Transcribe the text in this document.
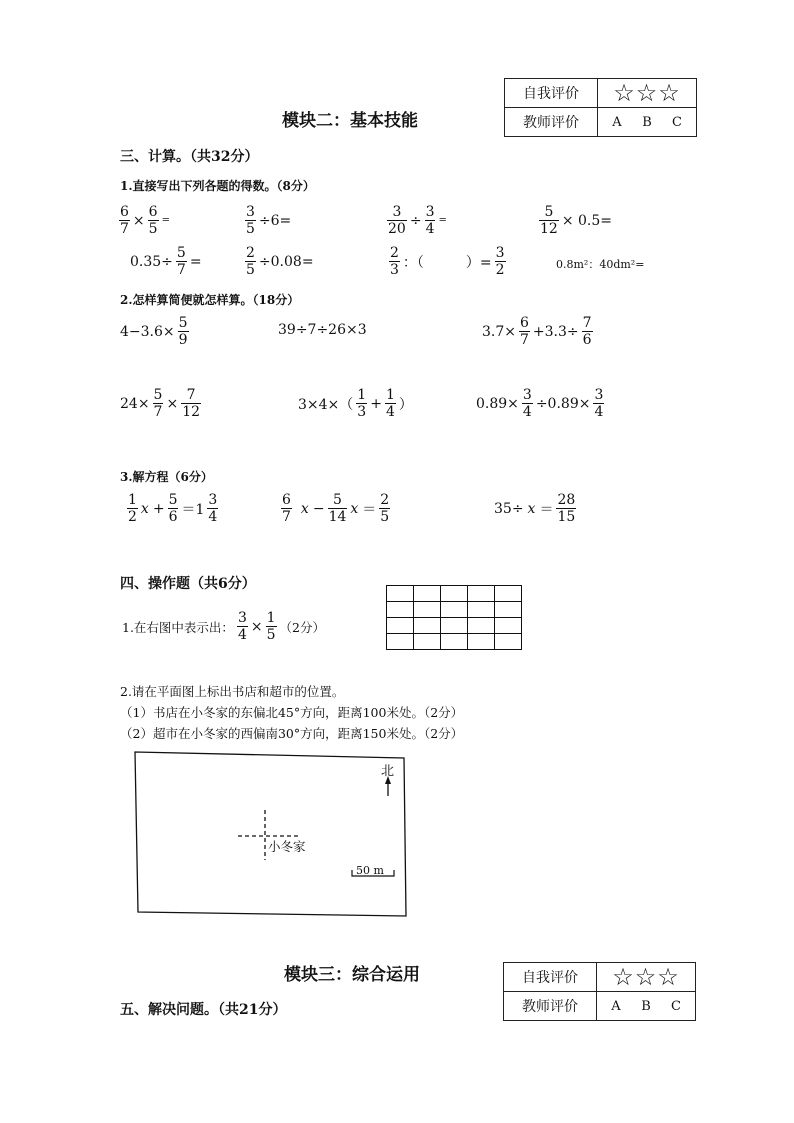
模块二：基本技能
自我评价	☆☆☆
教师评价	A B C
三、计算。（共32分）
1.直接写出下列各题的得数。（8分）
$\frac{6}{7} \times \frac{6}{5}$ =	$\frac{3}{5} \div 6=$	$\frac{3}{20} \div \frac{3}{4}$ =	$\frac{5}{12} \times 0.5=$
$0.35\div \frac{5}{7}$ =	$\frac{2}{5} \div 0.08=$	$\frac{2}{3}$ ：（　　　）= $\frac{3}{2}$	0.8m²：40dm²=
2.怎样算简便就怎样算。（18分）
$4-3.6\times \frac{5}{9}$	39÷7÷26×3	$3.7\times \frac{6}{7} +3.3\div \frac{7}{6}$
$24\times \frac{5}{7} \times \frac{7}{12}$	$3\times 4\times( \frac{1}{3} + \frac{1}{4}$ ）	$0.89\times \frac{3}{4} \div 0.89\times \frac{3}{4}$
3.解方程（6分）
$\frac{1}{2}$ $x + \frac{5}{6} =1 \frac{3}{4}$	$\frac{6}{7}$ $x - \frac{5}{14}$ $x = \frac{2}{5}$	$35\div x = \frac{28}{15}$
四、操作题（共6分）

1.在右图中表示出： $\frac{3}{4} \times \frac{1}{5} (2$分）
2.请在平面图上标出书店和超市的位置。
（1）书店在小冬家的东偏北45°方向，距离100米处。（2分）
（2）超市在小冬家的西偏南30°方向，距离150米处。（2分）
北
小冬家
50 m
模块三：综合运用	自我评价	☆☆☆
教师评价	A B C
五、解决问题。（共21分）
